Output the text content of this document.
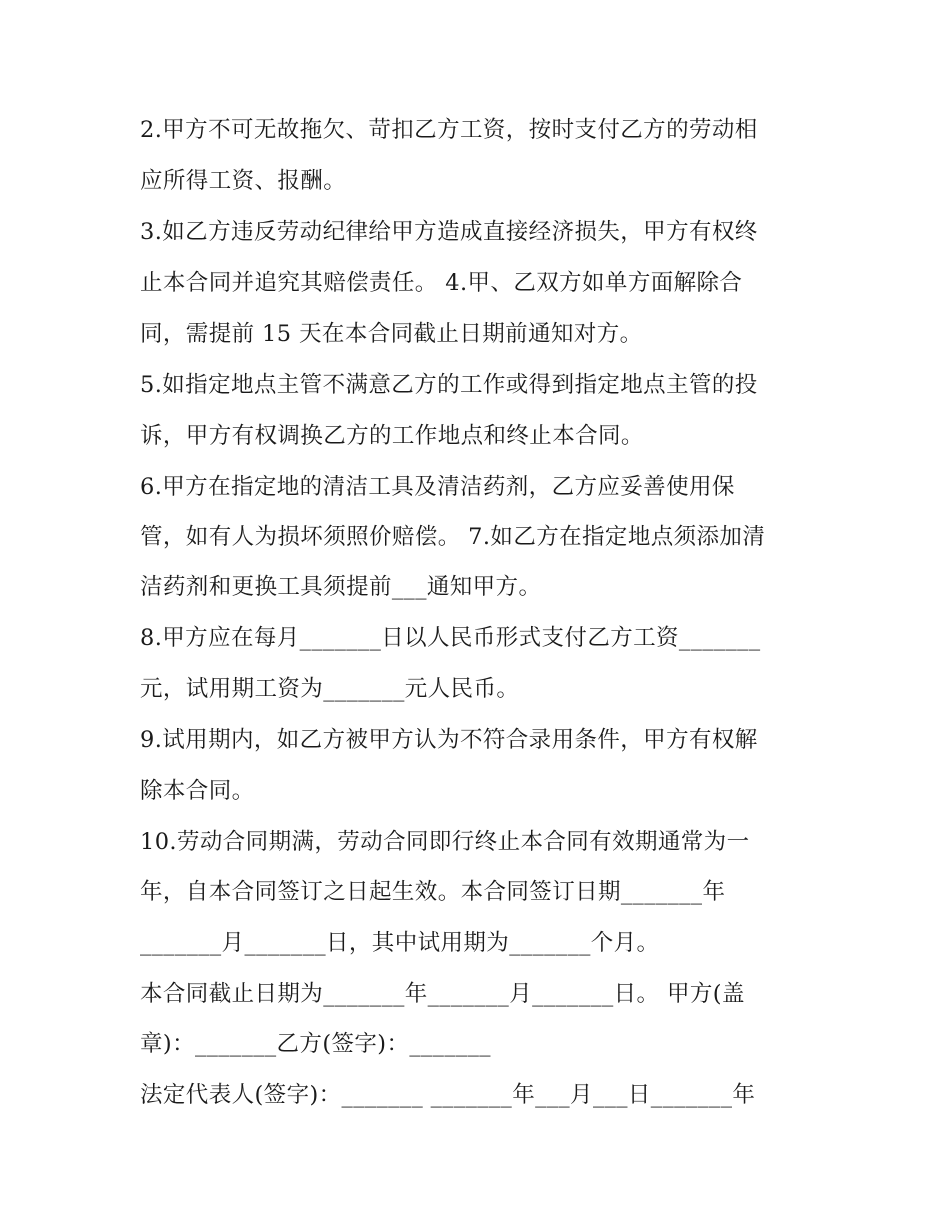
2.甲方不可无故拖欠、苛扣乙方工资，按时支付乙方的劳动相
应所得工资、报酬。
3.如乙方违反劳动纪律给甲方造成直接经济损失，甲方有权终
止本合同并追究其赔偿责任。 4.甲、乙双方如单方面解除合
同，需提前 15 天在本合同截止日期前通知对方。
5.如指定地点主管不满意乙方的工作或得到指定地点主管的投
诉，甲方有权调换乙方的工作地点和终止本合同。
6.甲方在指定地的清洁工具及清洁药剂，乙方应妥善使用保
管，如有人为损坏须照价赔偿。 7.如乙方在指定地点须添加清
洁药剂和更换工具须提前___通知甲方。
8.甲方应在每月_______日以人民币形式支付乙方工资_______
元，试用期工资为_______元人民币。
9.试用期内，如乙方被甲方认为不符合录用条件，甲方有权解
除本合同。
10.劳动合同期满，劳动合同即行终止本合同有效期通常为一
年，自本合同签订之日起生效。本合同签订日期_______年
_______月_______日，其中试用期为_______个月。
本合同截止日期为_______年_______月_______日。 甲方(盖
章)：_______乙方(签字)：_______
法定代表人(签字)：_______ _______年___月___日_______年
